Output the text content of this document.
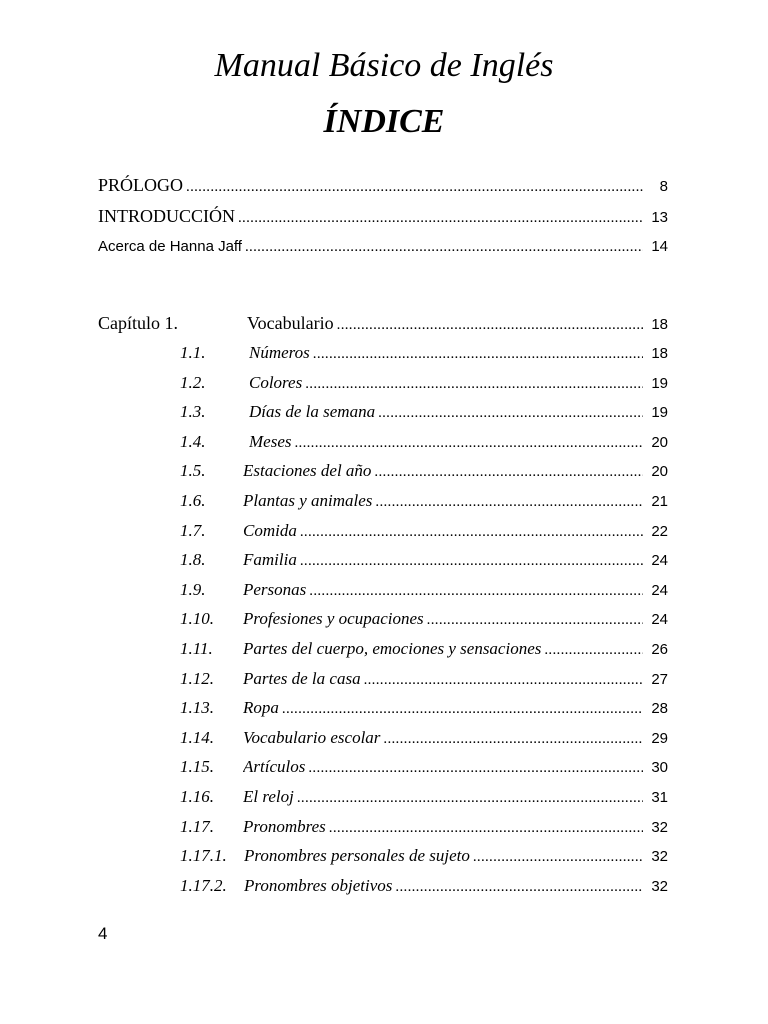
Manual Básico de Inglés
ÍNDICE
PRÓLOGO .....	8
INTRODUCCIÓN .....	13
Acerca de Hanna Jaff .....	14
Capítulo 1.	Vocabulario .....	18
1.1.	Números .....	18
1.2.	Colores .....	19
1.3.	Días de la semana .....	19
1.4.	Meses .....	20
1.5. Estaciones del año .....	20
1.6. Plantas y animales .....	21
1.7. Comida .....	22
1.8. Familia .....	24
1.9. Personas .....	24
1.10. Profesiones y ocupaciones .....	24
1.11. Partes del cuerpo, emociones y sensaciones .....	26
1.12. Partes de la casa .....	27
1.13. Ropa .....	28
1.14. Vocabulario escolar .....	29
1.15. Artículos .....	30
1.16. El reloj .....	31
1.17. Pronombres .....	32
1.17.1. Pronombres personales de sujeto .....	32
1.17.2. Pronombres objetivos .....	32
4
